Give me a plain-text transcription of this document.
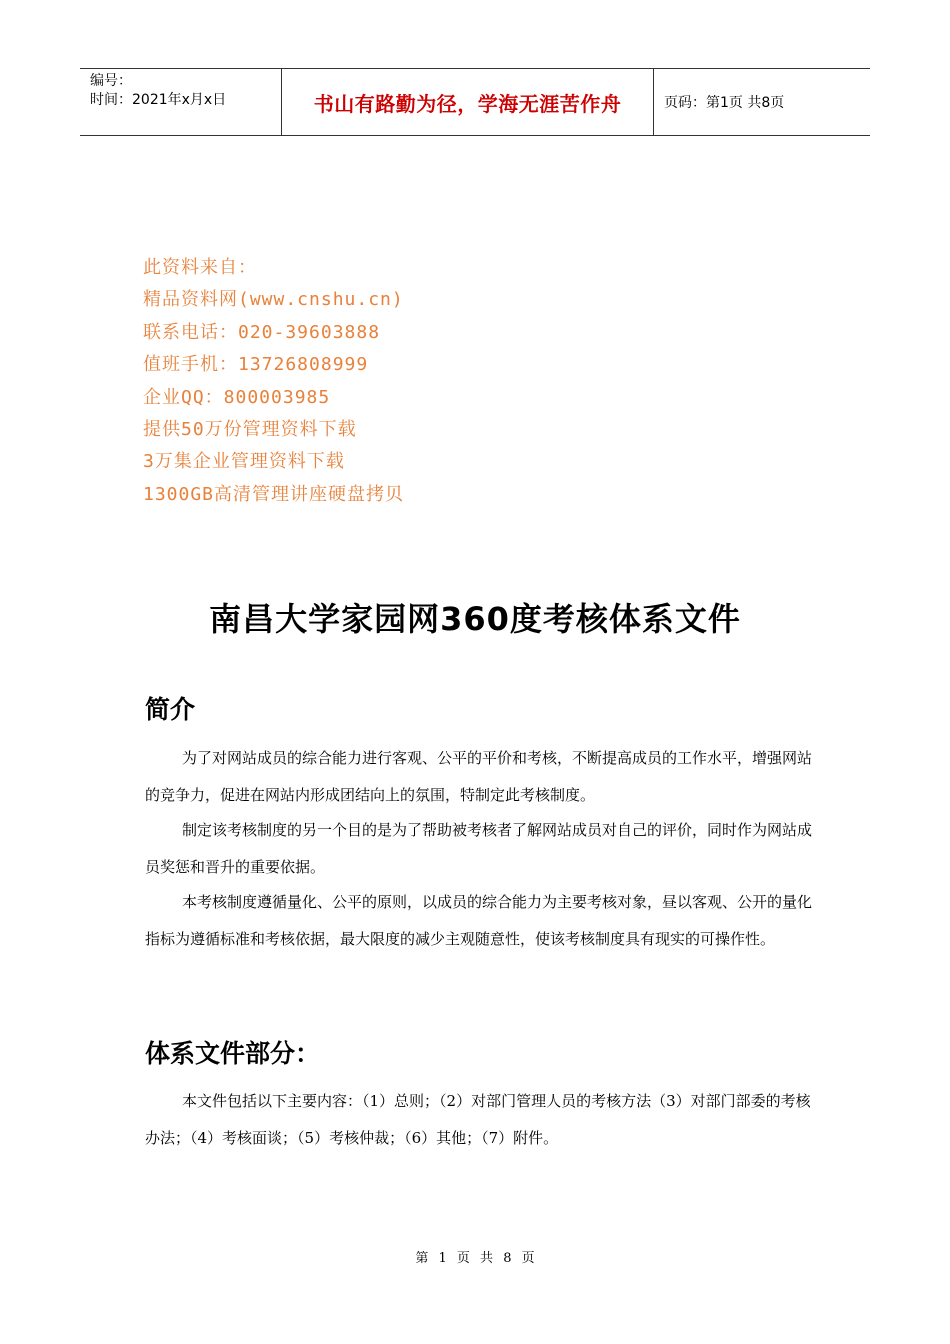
编号：
时间：2021年x月x日	书山有路勤为径，学海无涯苦作舟	页码：第1页 共8页
此资料来自：
精品资料网(www.cnshu.cn)
联系电话：020-39603888
值班手机：13726808999
企业QQ：800003985
提供50万份管理资料下载
3万集企业管理资料下载
1300GB高清管理讲座硬盘拷贝
南昌大学家园网360度考核体系文件
简介

为了对网站成员的综合能力进行客观、公平的平价和考核，不断提高成员的工作水平，增强网站的竞争力，促进在网站内形成团结向上的氛围，特制定此考核制度。

制定该考核制度的另一个目的是为了帮助被考核者了解网站成员对自己的评价，同时作为网站成员奖惩和晋升的重要依据。

本考核制度遵循量化、公平的原则，以成员的综合能力为主要考核对象，昼以客观、公开的量化指标为遵循标准和考核依据，最大限度的减少主观随意性，使该考核制度具有现实的可操作性。

体系文件部分：

本文件包括以下主要内容：（1）总则；（2）对部门管理人员的考核方法（3）对部门部委的考核办法；（4）考核面谈；（5）考核仲裁；（6）其他；（7）附件。

第 1 页 共 8 页
